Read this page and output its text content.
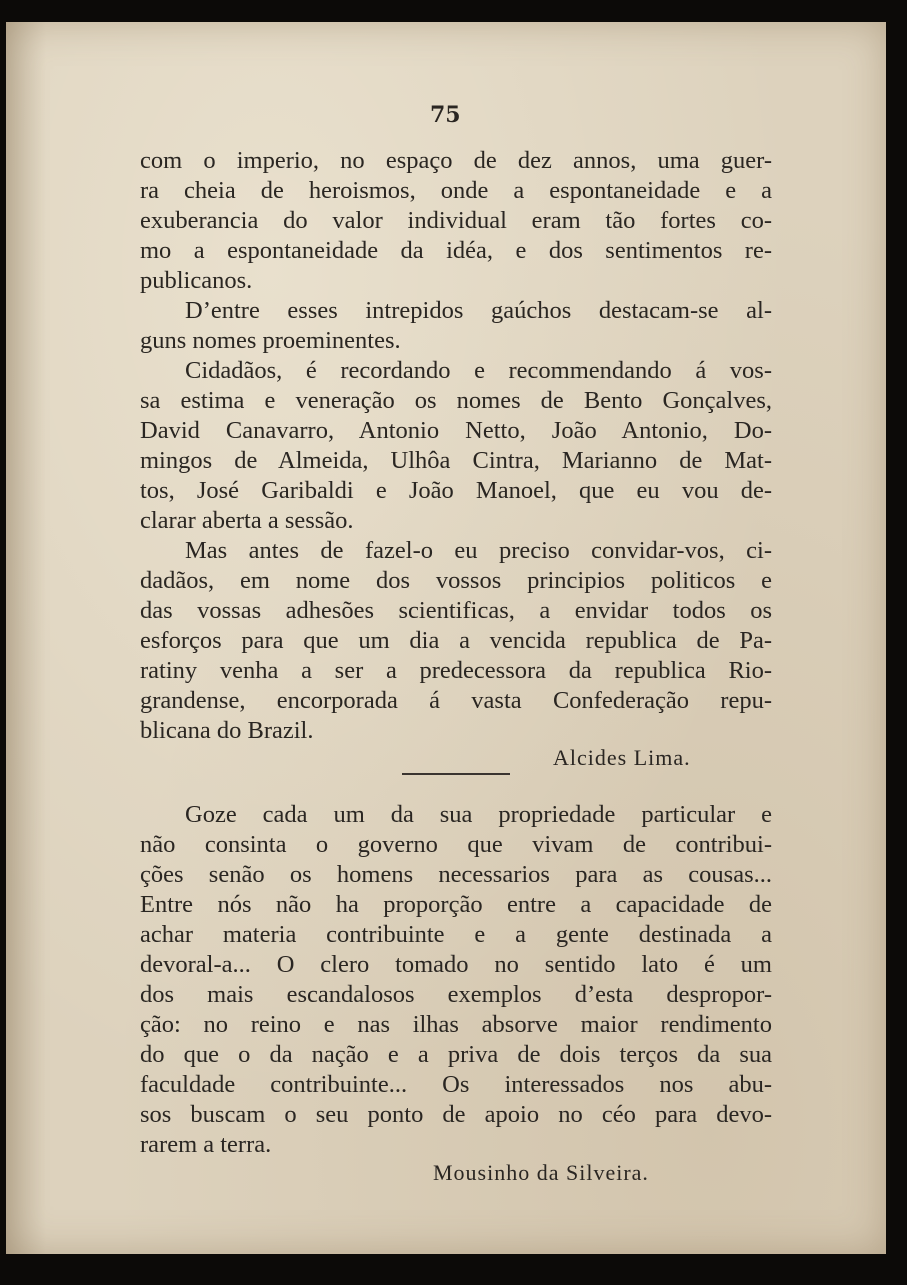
75
com o imperio, no espaço de dez annos, uma guer-
ra cheia de heroismos, onde a espontaneidade e a
exuberancia do valor individual eram tão fortes co-
mo a espontaneidade da idéa, e dos sentimentos re-
publicanos.
D’entre esses intrepidos gaúchos destacam-se al-
guns nomes proeminentes.
Cidadãos, é recordando e recommendando á vos-
sa estima e veneração os nomes de Bento Gonçalves,
David Canavarro, Antonio Netto, João Antonio, Do-
mingos de Almeida, Ulhôa Cintra, Marianno de Mat-
tos, José Garibaldi e João Manoel, que eu vou de-
clarar aberta a sessão.
Mas antes de fazel-o eu preciso convidar-vos, ci-
dadãos, em nome dos vossos principios politicos e
das vossas adhesões scientificas, a envidar todos os
esforços para que um dia a vencida republica de Pa-
ratiny venha a ser a predecessora da republica Rio-
grandense, encorporada á vasta Confederação repu-
blicana do Brazil.
Goze cada um da sua propriedade particular e
não consinta o governo que vivam de contribui-
ções senão os homens necessarios para as cousas...
Entre nós não ha proporção entre a capacidade de
achar materia contribuinte e a gente destinada a
devoral-a... O clero tomado no sentido lato é um
dos mais escandalosos exemplos d’esta despropor-
ção: no reino e nas ilhas absorve maior rendimento
do que o da nação e a priva de dois terços da sua
faculdade contribuinte... Os interessados nos abu-
sos buscam o seu ponto de apoio no céo para devo-
rarem a terra.
Alcides Lima.
Mousinho da Silveira.
